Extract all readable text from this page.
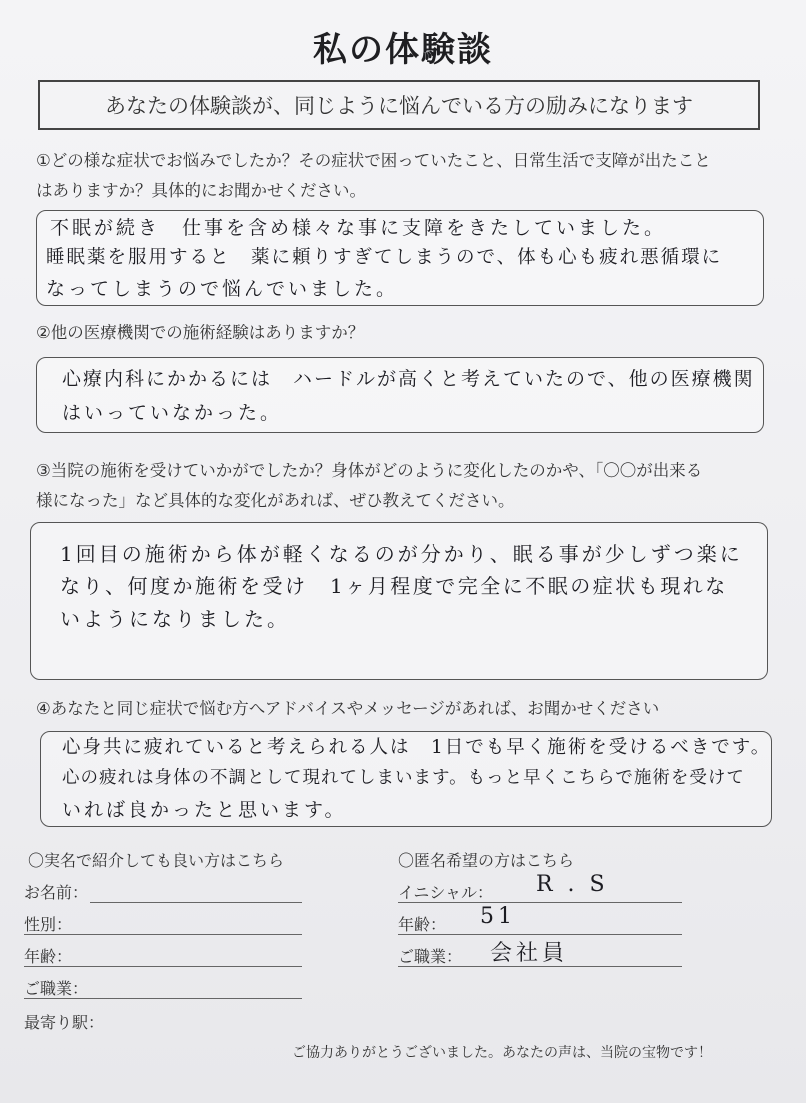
私の体験談
あなたの体験談が、同じように悩んでいる方の励みになります
①どの様な症状でお悩みでしたか？その症状で困っていたこと、日常生活で支障が出たこと
はありますか？具体的にお聞かせください。
不眠が続き　仕事を含め様々な事に支障をきたしていました。
睡眠薬を服用すると　薬に頼りすぎてしまうので、体も心も疲れ悪循環に
なってしまうので悩んでいました。
②他の医療機関での施術経験はありますか？
心療内科にかかるには　ハードルが高くと考えていたので、他の医療機関
はいっていなかった。
③当院の施術を受けていかがでしたか？身体がどのように変化したのかや、「〇〇が出来る
様になった」など具体的な変化があれば、ぜひ教えてください。
1回目の施術から体が軽くなるのが分かり、眠る事が少しずつ楽に
なり、何度か施術を受け　1ヶ月程度で完全に不眠の症状も現れな
いようになりました。
④あなたと同じ症状で悩む方へアドバイスやメッセージがあれば、お聞かせください
心身共に疲れていると考えられる人は　1日でも早く施術を受けるべきです。
心の疲れは身体の不調として現れてしまいます。もっと早くこちらで施術を受けて
いれば良かったと思います。
〇実名で紹介しても良い方はこちら
お名前：
性別：
年齢：
ご職業：
最寄り駅：
〇匿名希望の方はこちら
イニシャル： R . S
年齢： 51
ご職業： 会社員
ご協力ありがとうございました。あなたの声は、当院の宝物です！
